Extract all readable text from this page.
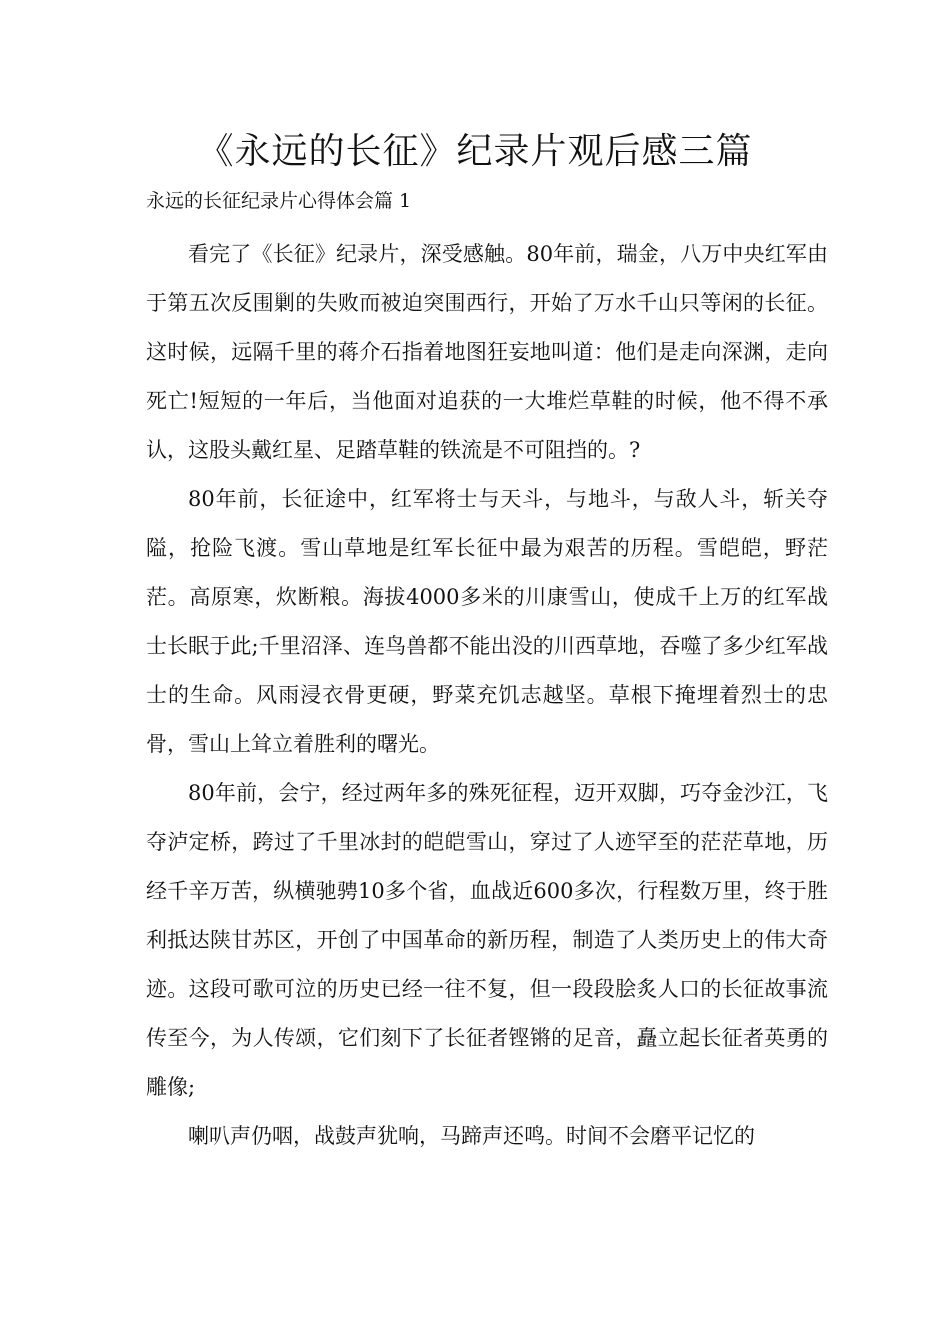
《永远的长征》纪录片观后感三篇

永远的长征纪录片心得体会篇 1

看完了《长征》纪录片，深受感触。80年前，瑞金，八万中央红军由于第五次反围剿的失败而被迫突围西行，开始了万水千山只等闲的长征。这时候，远隔千里的蒋介石指着地图狂妄地叫道：他们是走向深渊，走向死亡!短短的一年后，当他面对追获的一大堆烂草鞋的时候，他不得不承认，这股头戴红星、足踏草鞋的铁流是不可阻挡的。?

80年前，长征途中，红军将士与天斗，与地斗，与敌人斗，斩关夺隘，抢险飞渡。雪山草地是红军长征中最为艰苦的历程。雪皑皑，野茫茫。高原寒，炊断粮。海拔4000多米的川康雪山，使成千上万的红军战士长眠于此;千里沼泽、连鸟兽都不能出没的川西草地，吞噬了多少红军战士的生命。风雨浸衣骨更硬，野菜充饥志越坚。草根下掩埋着烈士的忠骨，雪山上耸立着胜利的曙光。

80年前，会宁，经过两年多的殊死征程，迈开双脚，巧夺金沙江，飞夺泸定桥，跨过了千里冰封的皑皑雪山，穿过了人迹罕至的茫茫草地，历经千辛万苦，纵横驰骋10多个省，血战近600多次，行程数万里，终于胜利抵达陕甘苏区，开创了中国革命的新历程，制造了人类历史上的伟大奇迹。这段可歌可泣的历史已经一往不复，但一段段脍炙人口的长征故事流传至今，为人传颂，它们刻下了长征者铿锵的足音，矗立起长征者英勇的雕像;

喇叭声仍咽，战鼓声犹响，马蹄声还鸣。时间不会磨平记忆的
